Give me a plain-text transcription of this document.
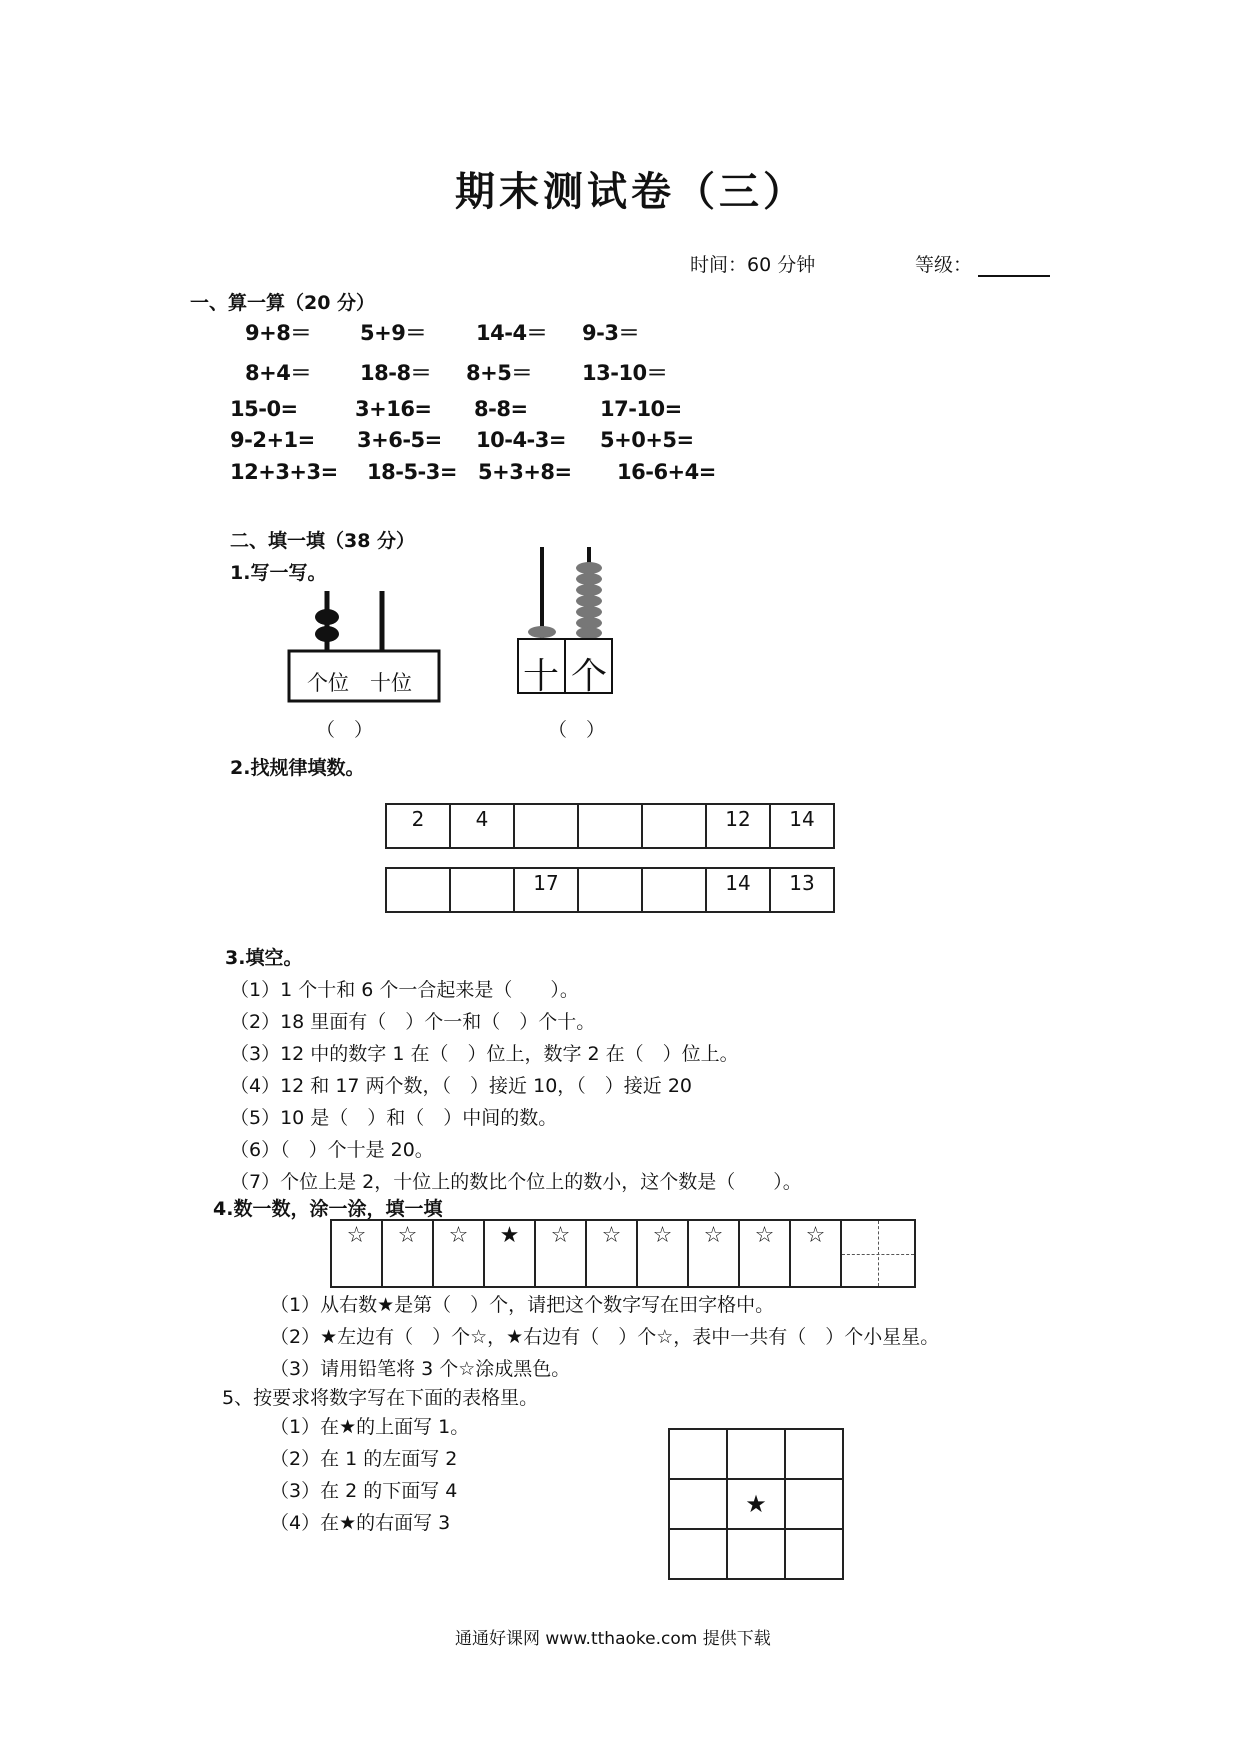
期末测试卷（三）
时间：60 分钟	等级：
一、算一算（20 分）
9+8＝ 5+9＝ 14-4＝ 9-3＝
8+4＝ 18-8＝ 8+5＝ 13-10＝
15-0=	3+16= 8-8=	17-10=
9-2+1= 3+6-5= 10-4-3= 5+0+5=
12+3+3= 18-5-3= 5+3+8= 16-6+4=
二、填一填（38 分）
1.写一写。
个位　十位
（　）
十 个
（　）
2.找规律填数。
2	4				12	14
		17			14	13
3.填空。
（1）1 个十和 6 个一合起来是（　　）。
（2）18 里面有（　）个一和（　）个十。
（3）12 中的数字 1 在（　）位上，数字 2 在（　）位上。
（4）12 和 17 两个数，（　）接近 10，（　）接近 20
（5）10 是（　）和（　）中间的数。
（6）（　）个十是 20。
（7）个位上是 2，十位上的数比个位上的数小，这个数是（　　）。
4.数一数，涂一涂，填一填
☆	☆	☆	★	☆	☆	☆	☆	☆	☆	
（1）从右数★是第（　）个，请把这个数字写在田字格中。
（2）★左边有（　）个☆，★右边有（　）个☆，表中一共有（　）个小星星。
（3）请用铅笔将 3 个☆涂成黑色。
5、按要求将数字写在下面的表格里。
（1）在★的上面写 1。
（2）在 1 的左面写 2
（3）在 2 的下面写 4
（4）在★的右面写 3

	★	

通通好课网 www.tthaoke.com 提供下载
